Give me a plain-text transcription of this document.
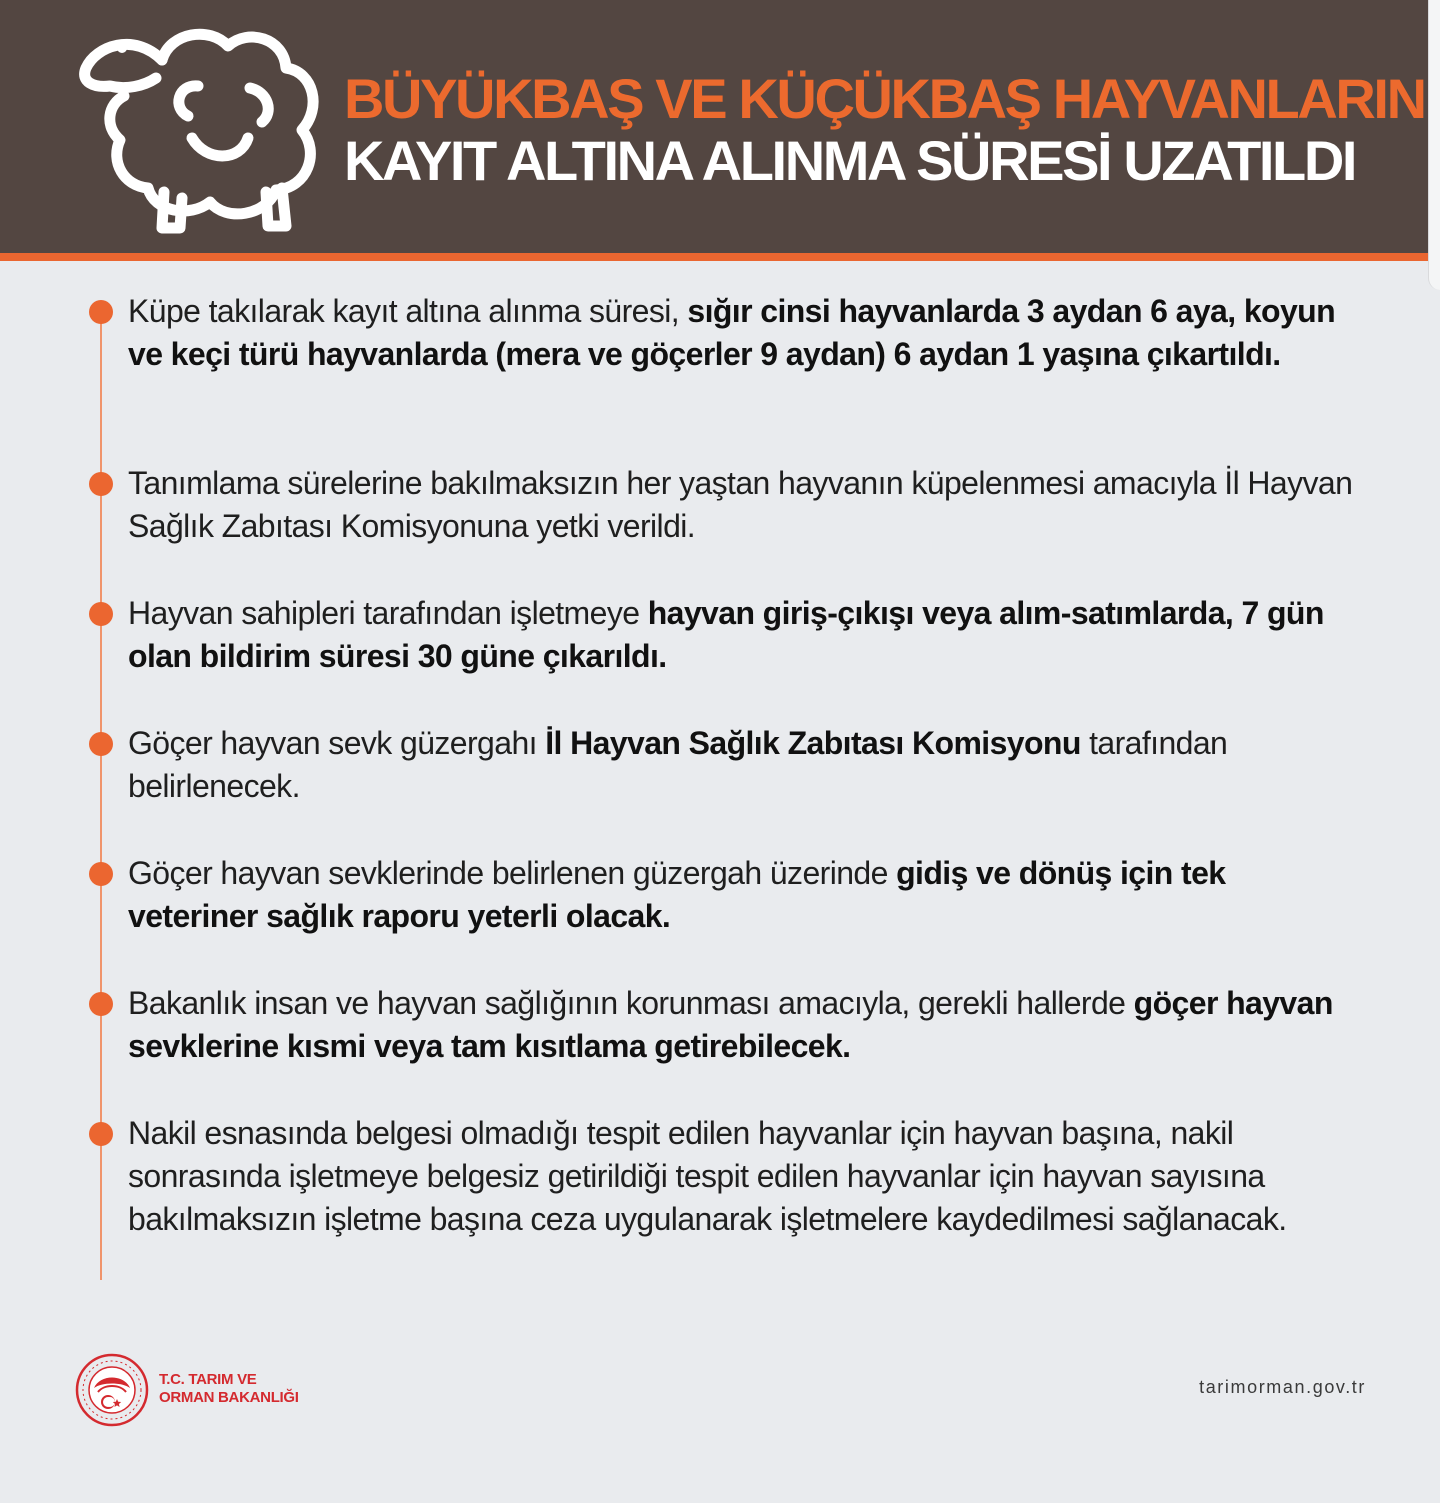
BÜYÜKBAŞ VE KÜÇÜKBAŞ HAYVANLARIN
KAYIT ALTINA ALINMA SÜRESİ UZATILDI
Küpe takılarak kayıt altına alınma süresi, sığır cinsi hayvanlarda 3 aydan 6 aya, koyun ve keçi türü hayvanlarda (mera ve göçerler 9 aydan) 6 aydan 1 yaşına çıkartıldı.
Tanımlama sürelerine bakılmaksızın her yaştan hayvanın küpelenmesi amacıyla İl Hayvan Sağlık Zabıtası Komisyonuna yetki verildi.
Hayvan sahipleri tarafından işletmeye hayvan giriş-çıkışı veya alım-satımlarda, 7 gün olan bildirim süresi 30 güne çıkarıldı.
Göçer hayvan sevk güzergahı İl Hayvan Sağlık Zabıtası Komisyonu tarafından belirlenecek.
Göçer hayvan sevklerinde belirlenen güzergah üzerinde gidiş ve dönüş için tek veteriner sağlık raporu yeterli olacak.
Bakanlık insan ve hayvan sağlığının korunması amacıyla, gerekli hallerde göçer hayvan sevklerine kısmi veya tam kısıtlama getirebilecek.
Nakil esnasında belgesi olmadığı tespit edilen hayvanlar için hayvan başına, nakil sonrasında işletmeye belgesiz getirildiği tespit edilen hayvanlar için hayvan sayısına bakılmaksızın işletme başına ceza uygulanarak işletmelere kaydedilmesi sağlanacak.
T.C. TARIM VE
ORMAN BAKANLIĞI
tarimorman.gov.tr
